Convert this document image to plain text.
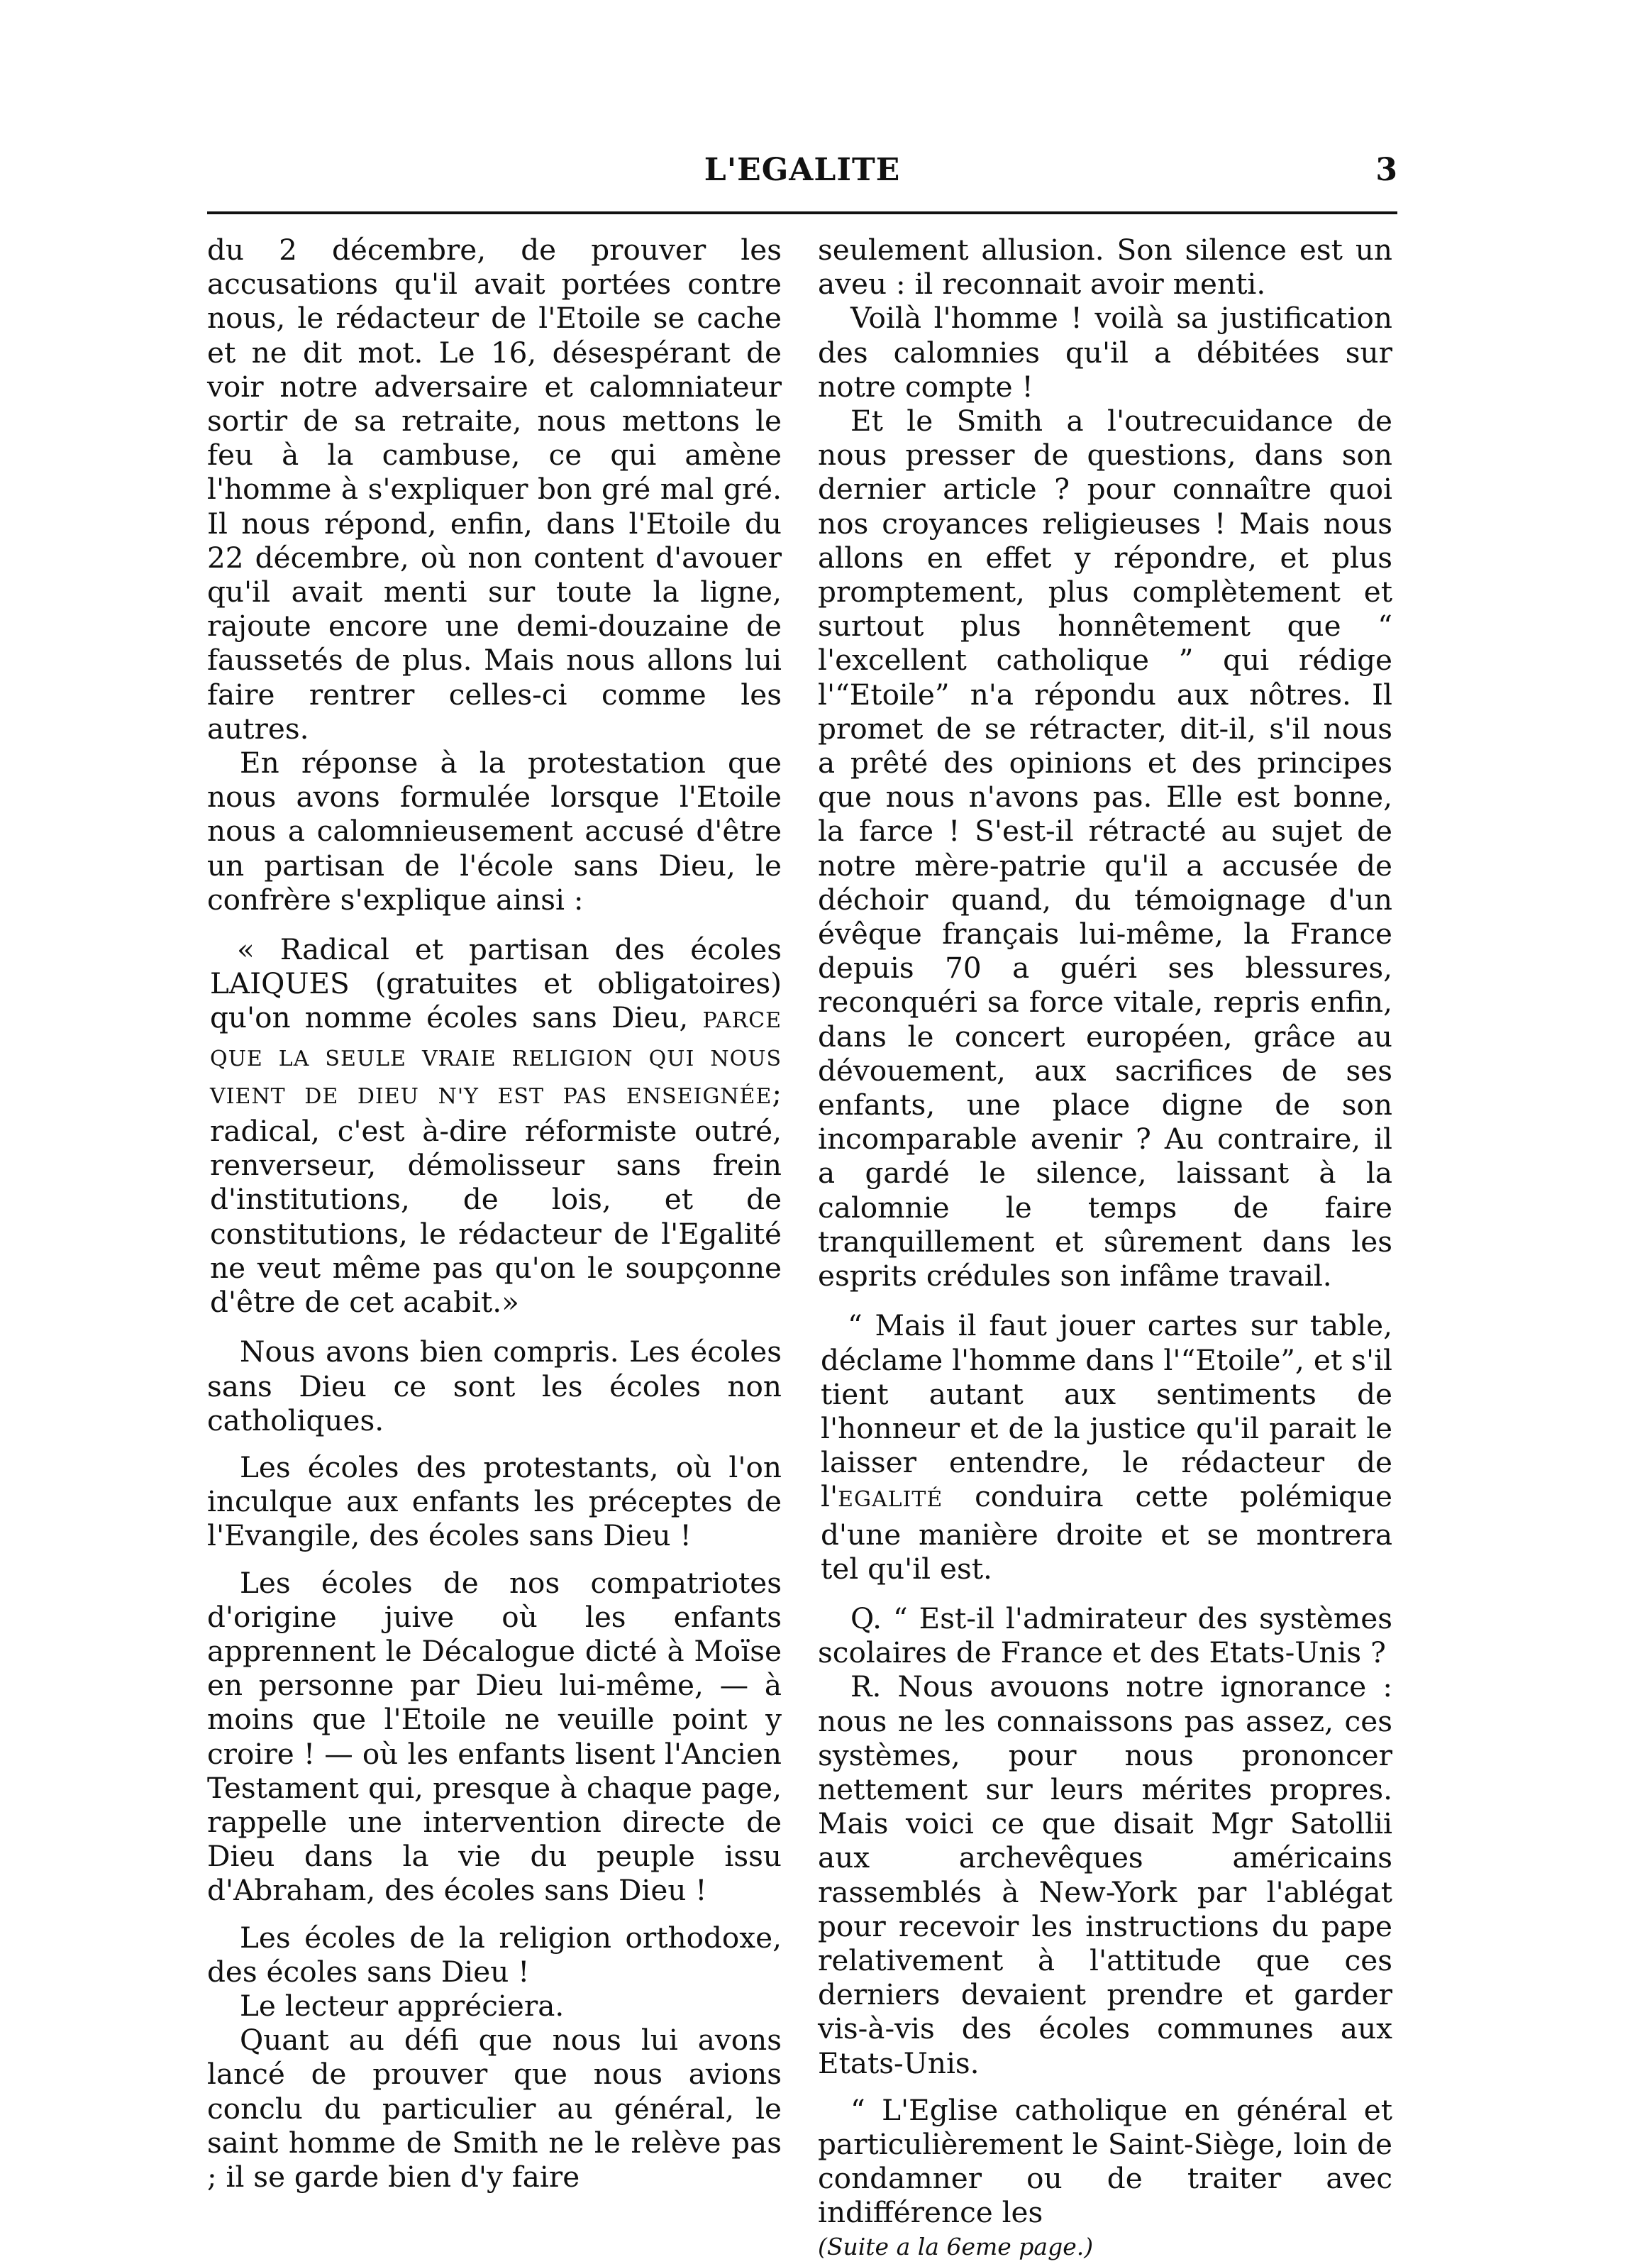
L'EGALITE	3

du 2 décembre, de prouver les accusations qu'il avait portées contre nous, le rédacteur de l'Etoile se cache et ne dit mot. Le 16, désespérant de voir notre adversaire et calomniateur sortir de sa retraite, nous mettons le feu à la cambuse, ce qui amène l'homme à s'expliquer bon gré mal gré. Il nous répond, enfin, dans l'Etoile du 22 décembre, où non content d'avouer qu'il avait menti sur toute la ligne, rajoute encore une demi-douzaine de faussetés de plus. Mais nous allons lui faire rentrer celles-ci comme les autres.

En réponse à la protestation que nous avons formulée lorsque l'Etoile nous a calomnieusement accusé d'être un partisan de l'école sans Dieu, le confrère s'explique ainsi :

« Radical et partisan des écoles LAIQUES (gratuites et obligatoires) qu'on nomme écoles sans Dieu, PARCE QUE LA SEULE VRAIE RELIGION QUI NOUS VIENT DE DIEU N'Y EST PAS ENSEIGNÉE; radical, c'est à-dire réformiste outré, renverseur, démolisseur sans frein d'institutions, de lois, et de constitutions, le rédacteur de l'Egalité ne veut même pas qu'on le soupçonne d'être de cet acabit.»

Nous avons bien compris. Les écoles sans Dieu ce sont les écoles non catholiques.

Les écoles des protestants, où l'on inculque aux enfants les préceptes de l'Evangile, des écoles sans Dieu !

Les écoles de nos compatriotes d'origine juive où les enfants apprennent le Décalogue dicté à Moïse en personne par Dieu lui-même, — à moins que l'Etoile ne veuille point y croire ! — où les enfants lisent l'Ancien Testament qui, presque à chaque page, rappelle une intervention directe de Dieu dans la vie du peuple issu d'Abraham, des écoles sans Dieu !

Les écoles de la religion orthodoxe, des écoles sans Dieu !

Le lecteur appréciera.

Quant au défi que nous lui avons lancé de prouver que nous avions conclu du particulier au général, le saint homme de Smith ne le relève pas ; il se garde bien d'y faire

seulement allusion. Son silence est un aveu : il reconnait avoir menti.

Voilà l'homme ! voilà sa justification des calomnies qu'il a débitées sur notre compte !

Et le Smith a l'outrecuidance de nous presser de questions, dans son dernier article ? pour connaître quoi nos croyances religieuses ! Mais nous allons en effet y répondre, et plus promptement, plus complètement et surtout plus honnêtement que “ l'excellent catholique ” qui rédige l'“Etoile” n'a répondu aux nôtres. Il promet de se rétracter, dit-il, s'il nous a prêté des opinions et des principes que nous n'avons pas. Elle est bonne, la farce ! S'est-il rétracté au sujet de notre mère-patrie qu'il a accusée de déchoir quand, du témoignage d'un évêque français lui-même, la France depuis 70 a guéri ses blessures, reconquéri sa force vitale, repris enfin, dans le concert européen, grâce au dévouement, aux sacrifices de ses enfants, une place digne de son incomparable avenir ? Au contraire, il a gardé le silence, laissant à la calomnie le temps de faire tranquillement et sûrement dans les esprits crédules son infâme travail.

“ Mais il faut jouer cartes sur table, déclame l'homme dans l'“Etoile”, et s'il tient autant aux sentiments de l'honneur et de la justice qu'il parait le laisser entendre, le rédacteur de l'EGALITÉ conduira cette polémique d'une manière droite et se montrera tel qu'il est.

Q. “ Est-il l'admirateur des systèmes scolaires de France et des Etats-Unis ?

R. Nous avouons notre ignorance : nous ne les connaissons pas assez, ces systèmes, pour nous prononcer nettement sur leurs mérites propres. Mais voici ce que disait Mgr Satollii aux archevêques américains rassemblés à New-York par l'ablégat pour recevoir les instructions du pape relativement à l'attitude que ces derniers devaient prendre et garder vis-à-vis des écoles communes aux Etats-Unis.

“ L'Eglise catholique en général et particulièrement le Saint-Siège, loin de condamner ou de traiter avec indifférence les

(Suite a la 6eme page.)
